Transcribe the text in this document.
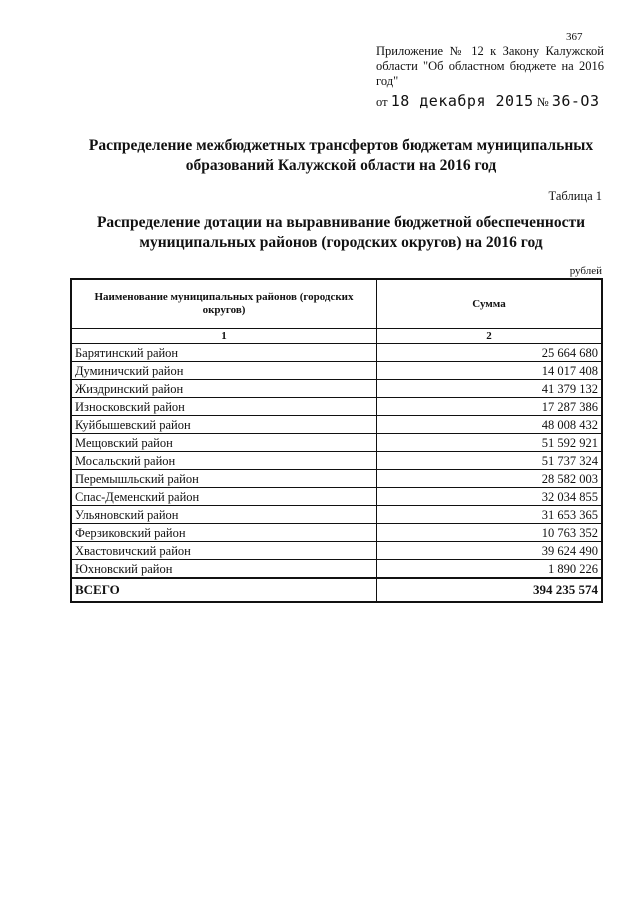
367
Приложение № 12 к Закону Калужской области "Об областном бюджете на 2016 год"
от 18 декабря 2015 № 36-ОЗ
Распределение межбюджетных трансфертов бюджетам муниципальных образований Калужской области на 2016 год
Таблица 1
Распределение дотации на выравнивание бюджетной обеспеченности муниципальных районов (городских округов) на 2016 год
рублей
Наименование муниципальных районов (городских округов)	Сумма
1	2
Барятинский район	25 664 680
Думиничский район	14 017 408
Жиздринский район	41 379 132
Износковский район	17 287 386
Куйбышевский район	48 008 432
Мещовский район	51 592 921
Мосальский район	51 737 324
Перемышльский район	28 582 003
Спас-Деменский район	32 034 855
Ульяновский район	31 653 365
Ферзиковский район	10 763 352
Хвастовичский район	39 624 490
Юхновский район	1 890 226
ВСЕГО	394 235 574
